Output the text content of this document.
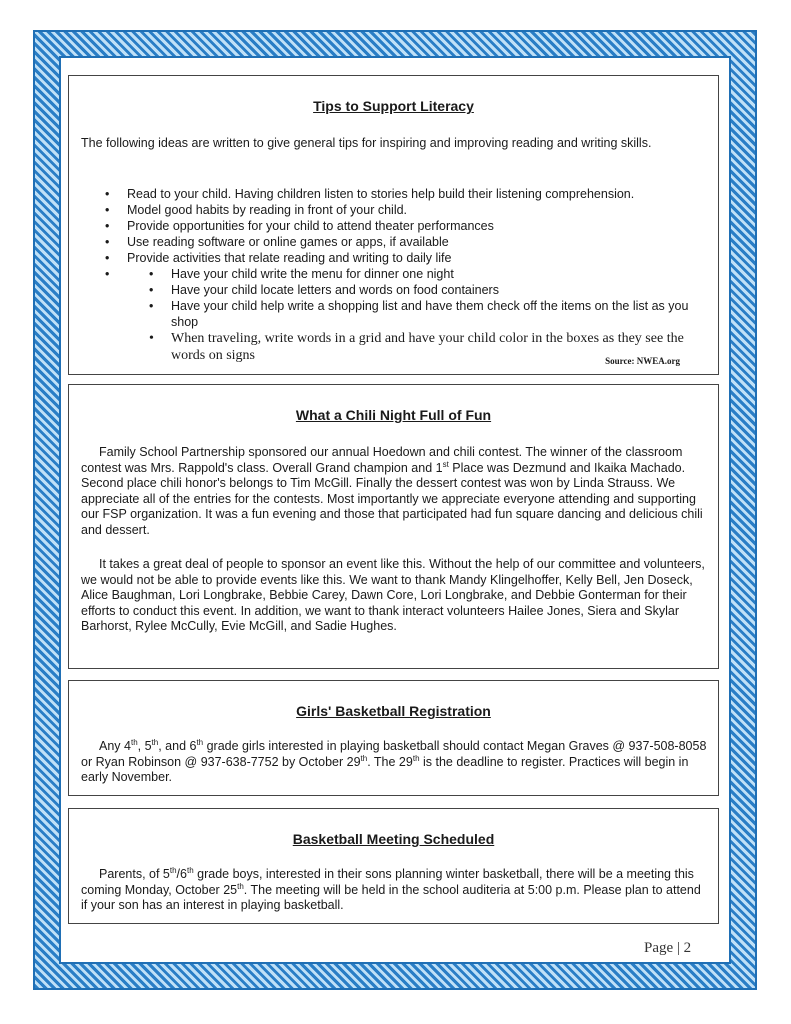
Tips to Support Literacy
The following ideas are written to give general tips for inspiring and improving reading and writing skills.
• Read to your child. Having children listen to stories help build their listening comprehension.
• Model good habits by reading in front of your child.
• Provide opportunities for your child to attend theater performances
• Use reading software or online games or apps, if available
• Provide activities that relate reading and writing to daily life
• • Have your child write the menu for dinner one night
• Have your child locate letters and words on food containers
• Have your child help write a shopping list and have them check off the items on the list as you shop
• When traveling, write words in a grid and have your child color in the boxes as they see the words on signs	Source: NWEA.org
What a Chili Night Full of Fun
Family School Partnership sponsored our annual Hoedown and chili contest. The winner of the classroom contest was Mrs. Rappold's class. Overall Grand champion and 1st Place was Dezmund and Ikaika Machado. Second place chili honor's belongs to Tim McGill. Finally the dessert contest was won by Linda Strauss. We appreciate all of the entries for the contests. Most importantly we appreciate everyone attending and supporting our FSP organization. It was a fun evening and those that participated had fun square dancing and delicious chili and dessert.
It takes a great deal of people to sponsor an event like this. Without the help of our committee and volunteers, we would not be able to provide events like this. We want to thank Mandy Klingelhoffer, Kelly Bell, Jen Doseck, Alice Baughman, Lori Longbrake, Bebbie Carey, Dawn Core, Lori Longbrake, and Debbie Gonterman for their efforts to conduct this event. In addition, we want to thank interact volunteers Hailee Jones, Siera and Skylar Barhorst, Rylee McCully, Evie McGill, and Sadie Hughes.
Girls' Basketball Registration
Any 4th, 5th, and 6th grade girls interested in playing basketball should contact Megan Graves @ 937-508-8058 or Ryan Robinson @ 937-638-7752 by October 29th. The 29th is the deadline to register. Practices will begin in early November.
Basketball Meeting Scheduled
Parents, of 5th/6th grade boys, interested in their sons planning winter basketball, there will be a meeting this coming Monday, October 25th. The meeting will be held in the school auditeria at 5:00 p.m. Please plan to attend if your son has an interest in playing basketball.
Page | 2
